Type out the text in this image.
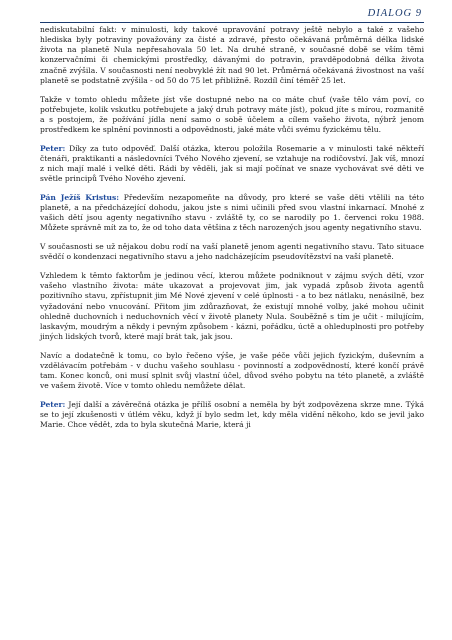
DIALOG 9

nediskutabilní fakt: v minulosti, kdy takové upravování potravy ještě nebylo a také z vašeho hlediska byly potraviny považovány za čisté a zdravé, přesto očekávaná průměrná délka lidské života na planetě Nula nepřesahovala 50 let. Na druhé straně, v současné době se vším těmi konzervačními či chemickými prostředky, dávanými do potravin, pravděpodobná délka života značně zvýšila. V současnosti není neobvyklé žít nad 90 let. Průměrná očekávaná živostnost na vaší planetě se podstatně zvýšila - od 50 do 75 let přibližně. Rozdíl činí téměř 25 let.

Takže v tomto ohledu můžete jíst vše dostupné nebo na co máte chuť (vaše tělo vám poví, co potřebujete, kolik vskutku potřebujete a jaký druh potravy máte jíst), pokud jíte s mírou, rozmanitě a s postojem, že požívání jídla není samo o sobě účelem a cílem vašeho života, nýbrž jenom prostředkem ke splnění povinnosti a odpovědnosti, jaké máte vůči svému fyzickému tělu.

Peter: Díky za tuto odpověď. Další otázka, kterou položila Rosemarie a v minulosti také někteří čtenáři, praktikanti a následovníci Tvého Nového zjevení, se vztahuje na rodičovství. Jak víš, mnozí z nich mají malé i velké děti. Rádi by věděli, jak si mají počínat ve snaze vychovávat své děti ve světle principů Tvého Nového zjevení.

Pán Ježíš Kristus: Především nezapomeňte na důvody, pro které se vaše děti vtělili na této planetě, a na předcházející dohodu, jakou jste s nimi učinili před svou vlastní inkarnací. Mnohé z vašich dětí jsou agenty negativního stavu - zvláště ty, co se narodily po 1. červenci roku 1988. Můžete správně mít za to, že od toho data většina z těch narozených jsou agenty negativního stavu.

V současnosti se už nějakou dobu rodí na vaší planetě jenom agenti negativního stavu. Tato situace svědčí o kondenzaci negativního stavu a jeho nadcházejícím pseudovítězství na vaší planetě.

Vzhledem k těmto faktorům je jedinou věcí, kterou můžete podniknout v zájmu svých dětí, vzor vašeho vlastního života: máte ukazovat a projevovat jim, jak vypadá způsob života agentů pozitivního stavu, zpřístupnit jim Mé Nové zjevení v celé úplnosti - a to bez nátlaku, nenásilně, bez vyžadování nebo vnucování. Přitom jim zdůrazňovat, že existují mnohé volby, jaké mohou učinit ohledně duchovních i neduchovních věcí v životě planety Nula. Souběžně s tím je učit - milujícím, laskavým, moudrým a někdy i pevným způsobem - kázni, pořádku, úctě a ohleduplnosti pro potřeby jiných lidských tvorů, které mají brát tak, jak jsou.

Navíc a dodatečně k tomu, co bylo řečeno výše, je vaše péče vůči jejich fyzickým, duševním a vzdělávacím potřebám - v duchu vašeho souhlasu - povinností a zodpovědností, které končí právě tam. Konec konců, oni musí splnit svůj vlastní účel, důvod svého pobytu na této planetě, a zvláště ve vašem životě. Více v tomto ohledu nemůžete dělat.

Peter: Její další a závěrečná otázka je příliš osobní a neměla by být zodpovězena skrze mne. Týká se to její zkušenosti v útlém věku, když jí bylo sedm let, kdy měla vidění někoho, kdo se jevil jako Marie. Chce vědět, zda to byla skutečná Marie, která ji
